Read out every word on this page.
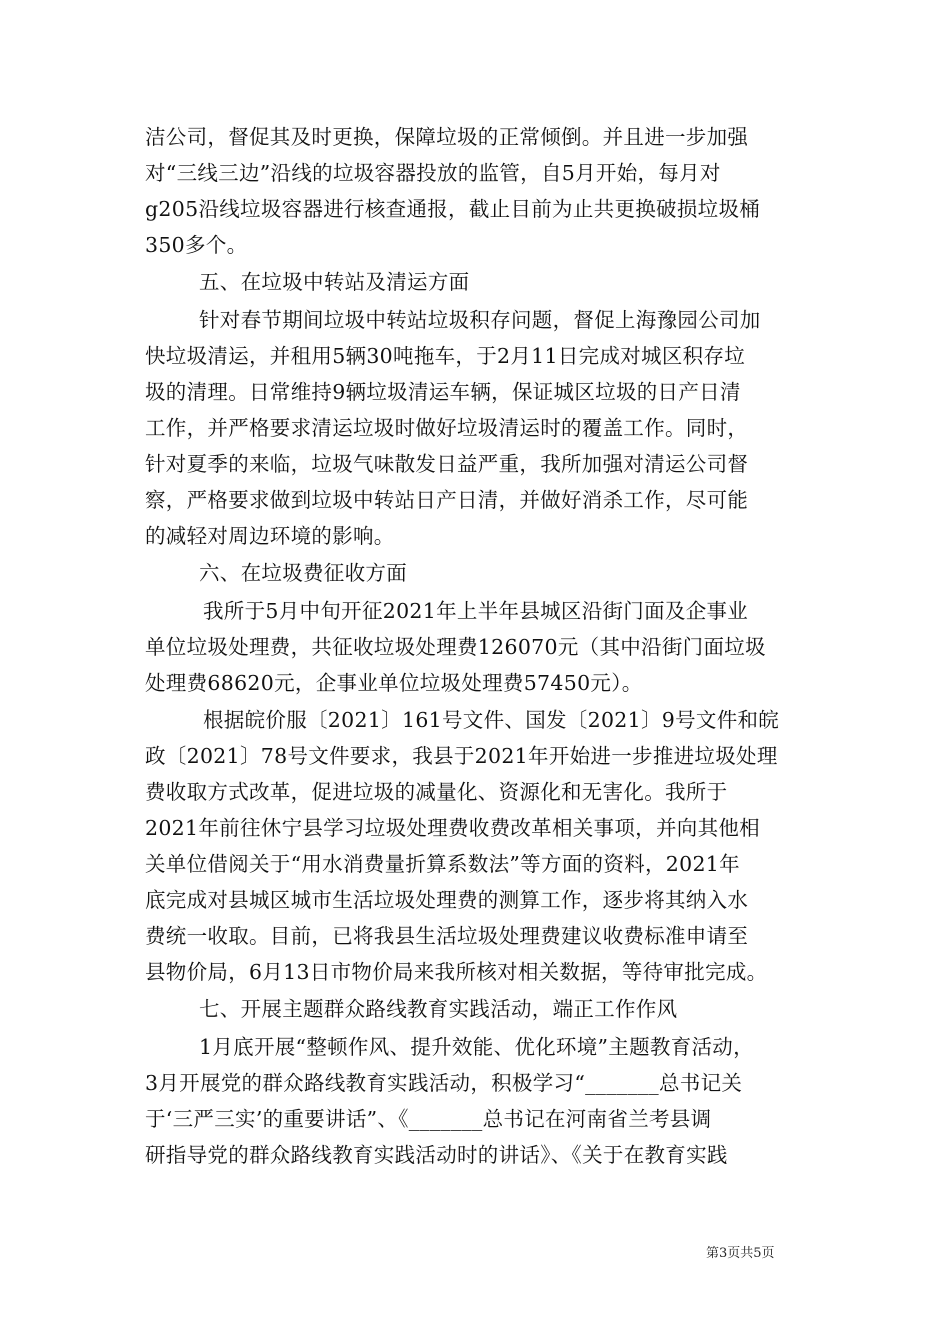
洁公司，督促其及时更换，保障垃圾的正常倾倒。并且进一步加强
对“三线三边”沿线的垃圾容器投放的监管，自5月开始，每月对
g205沿线垃圾容器进行核查通报，截止目前为止共更换破损垃圾桶
350多个。
五、在垃圾中转站及清运方面
针对春节期间垃圾中转站垃圾积存问题，督促上海豫园公司加
快垃圾清运，并租用5辆30吨拖车，于2月11日完成对城区积存垃
圾的清理。日常维持9辆垃圾清运车辆，保证城区垃圾的日产日清
工作，并严格要求清运垃圾时做好垃圾清运时的覆盖工作。同时，
针对夏季的来临，垃圾气味散发日益严重，我所加强对清运公司督
察，严格要求做到垃圾中转站日产日清，并做好消杀工作，尽可能
的减轻对周边环境的影响。
六、在垃圾费征收方面
我所于5月中旬开征2021年上半年县城区沿街门面及企事业
单位垃圾处理费，共征收垃圾处理费126070元（其中沿街门面垃圾
处理费68620元，企事业单位垃圾处理费57450元）。
根据皖价服〔2021〕161号文件、国发〔2021〕9号文件和皖
政〔2021〕78号文件要求，我县于2021年开始进一步推进垃圾处理
费收取方式改革，促进垃圾的减量化、资源化和无害化。我所于
2021年前往休宁县学习垃圾处理费收费改革相关事项，并向其他相
关单位借阅关于“用水消费量折算系数法”等方面的资料，2021年
底完成对县城区城市生活垃圾处理费的测算工作，逐步将其纳入水
费统一收取。目前，已将我县生活垃圾处理费建议收费标准申请至
县物价局，6月13日市物价局来我所核对相关数据，等待审批完成。
七、开展主题群众路线教育实践活动，端正工作作风
1月底开展“整顿作风、提升效能、优化环境”主题教育活动，
3月开展党的群众路线教育实践活动，积极学习“_______总书记关
于‘三严三实’的重要讲话”、《_______总书记在河南省兰考县调
研指导党的群众路线教育实践活动时的讲话》、《关于在教育实践
第3页共5页
